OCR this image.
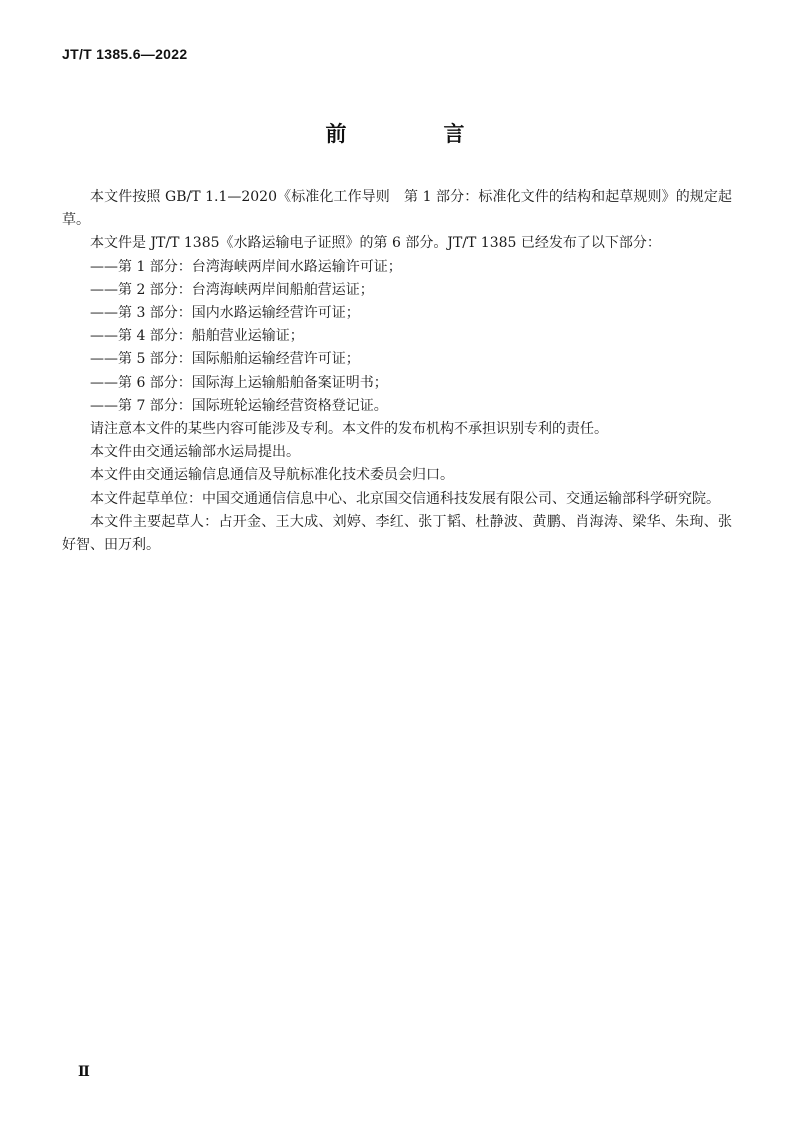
JT/T 1385.6—2022
前　言

本文件按照 GB/T 1.1—2020《标准化工作导则　第 1 部分：标准化文件的结构和起草规则》的规定起草。

本文件是 JT/T 1385《水路运输电子证照》的第 6 部分。JT/T 1385 已经发布了以下部分：

——第 1 部分：台湾海峡两岸间水路运输许可证；

——第 2 部分：台湾海峡两岸间船舶营运证；

——第 3 部分：国内水路运输经营许可证；

——第 4 部分：船舶营业运输证；

——第 5 部分：国际船舶运输经营许可证；

——第 6 部分：国际海上运输船舶备案证明书；

——第 7 部分：国际班轮运输经营资格登记证。

请注意本文件的某些内容可能涉及专利。本文件的发布机构不承担识别专利的责任。

本文件由交通运输部水运局提出。

本文件由交通运输信息通信及导航标准化技术委员会归口。

本文件起草单位：中国交通通信信息中心、北京国交信通科技发展有限公司、交通运输部科学研究院。

本文件主要起草人：占开金、王大成、刘婷、李红、张丁韬、杜静波、黄鹏、肖海涛、梁华、朱珣、张好智、田万利。

Ⅱ
